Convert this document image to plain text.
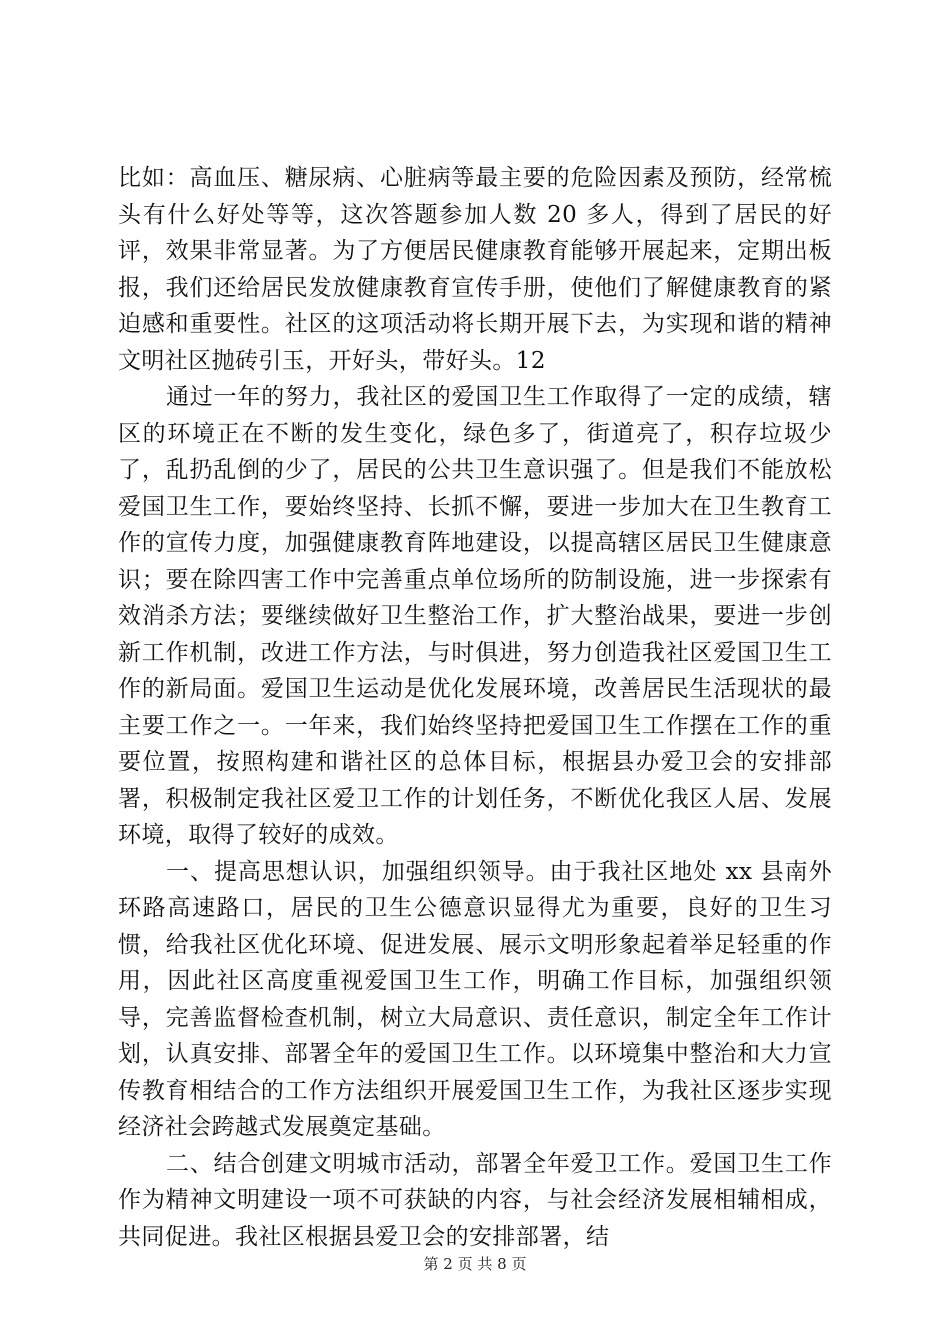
比如：高血压、糖尿病、心脏病等最主要的危险因素及预防，经常梳头有什么好处等等，这次答题参加人数 20 多人，得到了居民的好评，效果非常显著。为了方便居民健康教育能够开展起来，定期出板报，我们还给居民发放健康教育宣传手册，使他们了解健康教育的紧迫感和重要性。社区的这项活动将长期开展下去，为实现和谐的精神文明社区抛砖引玉，开好头，带好头。12

通过一年的努力，我社区的爱国卫生工作取得了一定的成绩，辖区的环境正在不断的发生变化，绿色多了，街道亮了，积存垃圾少了，乱扔乱倒的少了，居民的公共卫生意识强了。但是我们不能放松爱国卫生工作，要始终坚持、长抓不懈，要进一步加大在卫生教育工作的宣传力度，加强健康教育阵地建设，以提高辖区居民卫生健康意识；要在除四害工作中完善重点单位场所的防制设施，进一步探索有效消杀方法；要继续做好卫生整治工作，扩大整治战果，要进一步创新工作机制，改进工作方法，与时俱进，努力创造我社区爱国卫生工作的新局面。爱国卫生运动是优化发展环境，改善居民生活现状的最主要工作之一。一年来，我们始终坚持把爱国卫生工作摆在工作的重要位置，按照构建和谐社区的总体目标，根据县办爱卫会的安排部署，积极制定我社区爱卫工作的计划任务，不断优化我区人居、发展环境，取得了较好的成效。

一、提高思想认识，加强组织领导。由于我社区地处 xx 县南外环路高速路口，居民的卫生公德意识显得尤为重要，良好的卫生习惯，给我社区优化环境、促进发展、展示文明形象起着举足轻重的作用，因此社区高度重视爱国卫生工作，明确工作目标，加强组织领导，完善监督检查机制，树立大局意识、责任意识，制定全年工作计划，认真安排、部署全年的爱国卫生工作。以环境集中整治和大力宣传教育相结合的工作方法组织开展爱国卫生工作，为我社区逐步实现经济社会跨越式发展奠定基础。

二、结合创建文明城市活动，部署全年爱卫工作。爱国卫生工作作为精神文明建设一项不可获缺的内容，与社会经济发展相辅相成，共同促进。我社区根据县爱卫会的安排部署，结

第 2 页 共 8 页
